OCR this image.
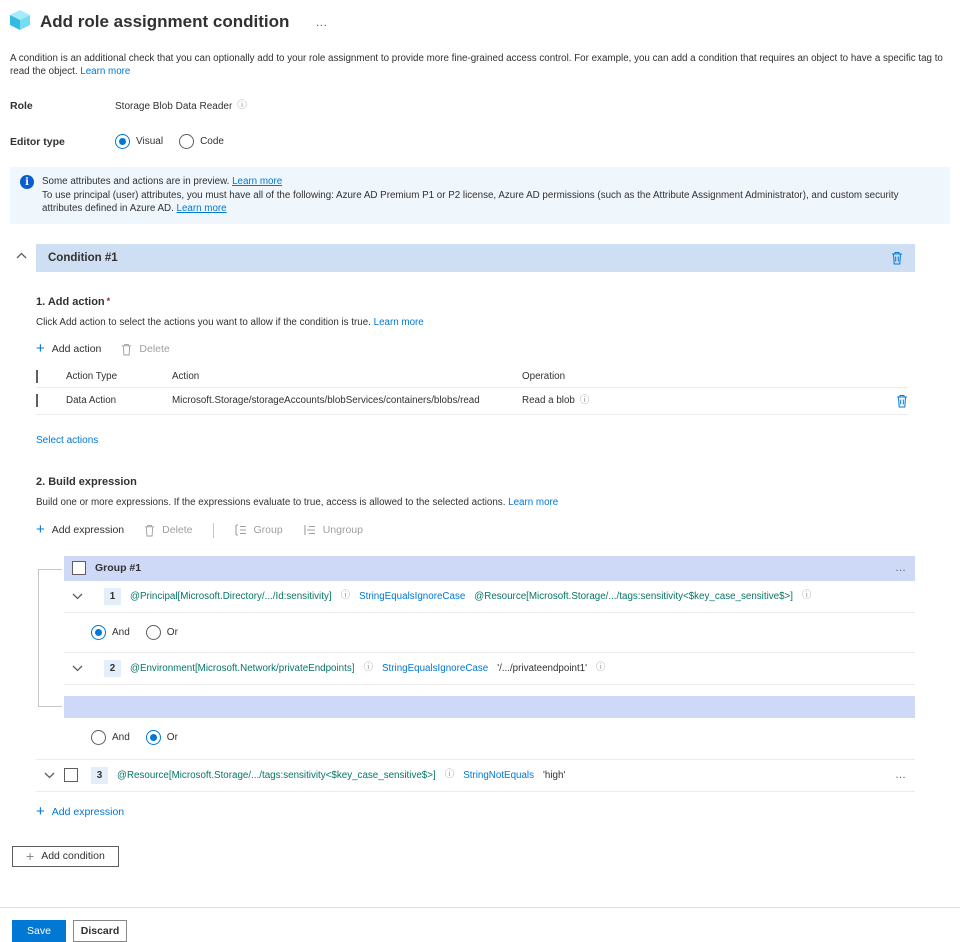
Add role assignment condition …
A condition is an additional check that you can optionally add to your role assignment to provide more fine-grained access control. For example, you can add a condition that requires an object to have a specific tag to read the object. Learn more
Role	Storage Blob Data Reader ⓘ
Editor type	Visual	Code
i	Some attributes and actions are in preview. Learn more
To use principal (user) attributes, you must have all of the following: Azure AD Premium P1 or P2 license, Azure AD permissions (such as the Attribute Assignment Administrator), and custom security attributes defined in Azure AD. Learn more
Condition #1
1. Add action *
Click Add action to select the actions you want to allow if the condition is true. Learn more
+ Add action	Delete
Action Type	Action	Operation
Data Action	Microsoft.Storage/storageAccounts/blobServices/containers/blobs/read	Read a blob ⓘ
Select actions
2. Build expression
Build one or more expressions. If the expressions evaluate to true, access is allowed to the selected actions. Learn more
+ Add expression	Delete	Group	Ungroup
Group #1	…
1	@Principal[Microsoft.Directory/.../Id:sensitivity] ⓘ StringEqualsIgnoreCase @Resource[Microsoft.Storage/.../tags:sensitivity<$key_case_sensitive$>] ⓘ
And	Or
2	@Environment[Microsoft.Network/privateEndpoints] ⓘ StringEqualsIgnoreCase '/.../privateendpoint1' ⓘ
And	Or
3	@Resource[Microsoft.Storage/.../tags:sensitivity<$key_case_sensitive$>] ⓘ StringNotEquals 'high'	…
+ Add expression
+ Add condition
Save	Discard
